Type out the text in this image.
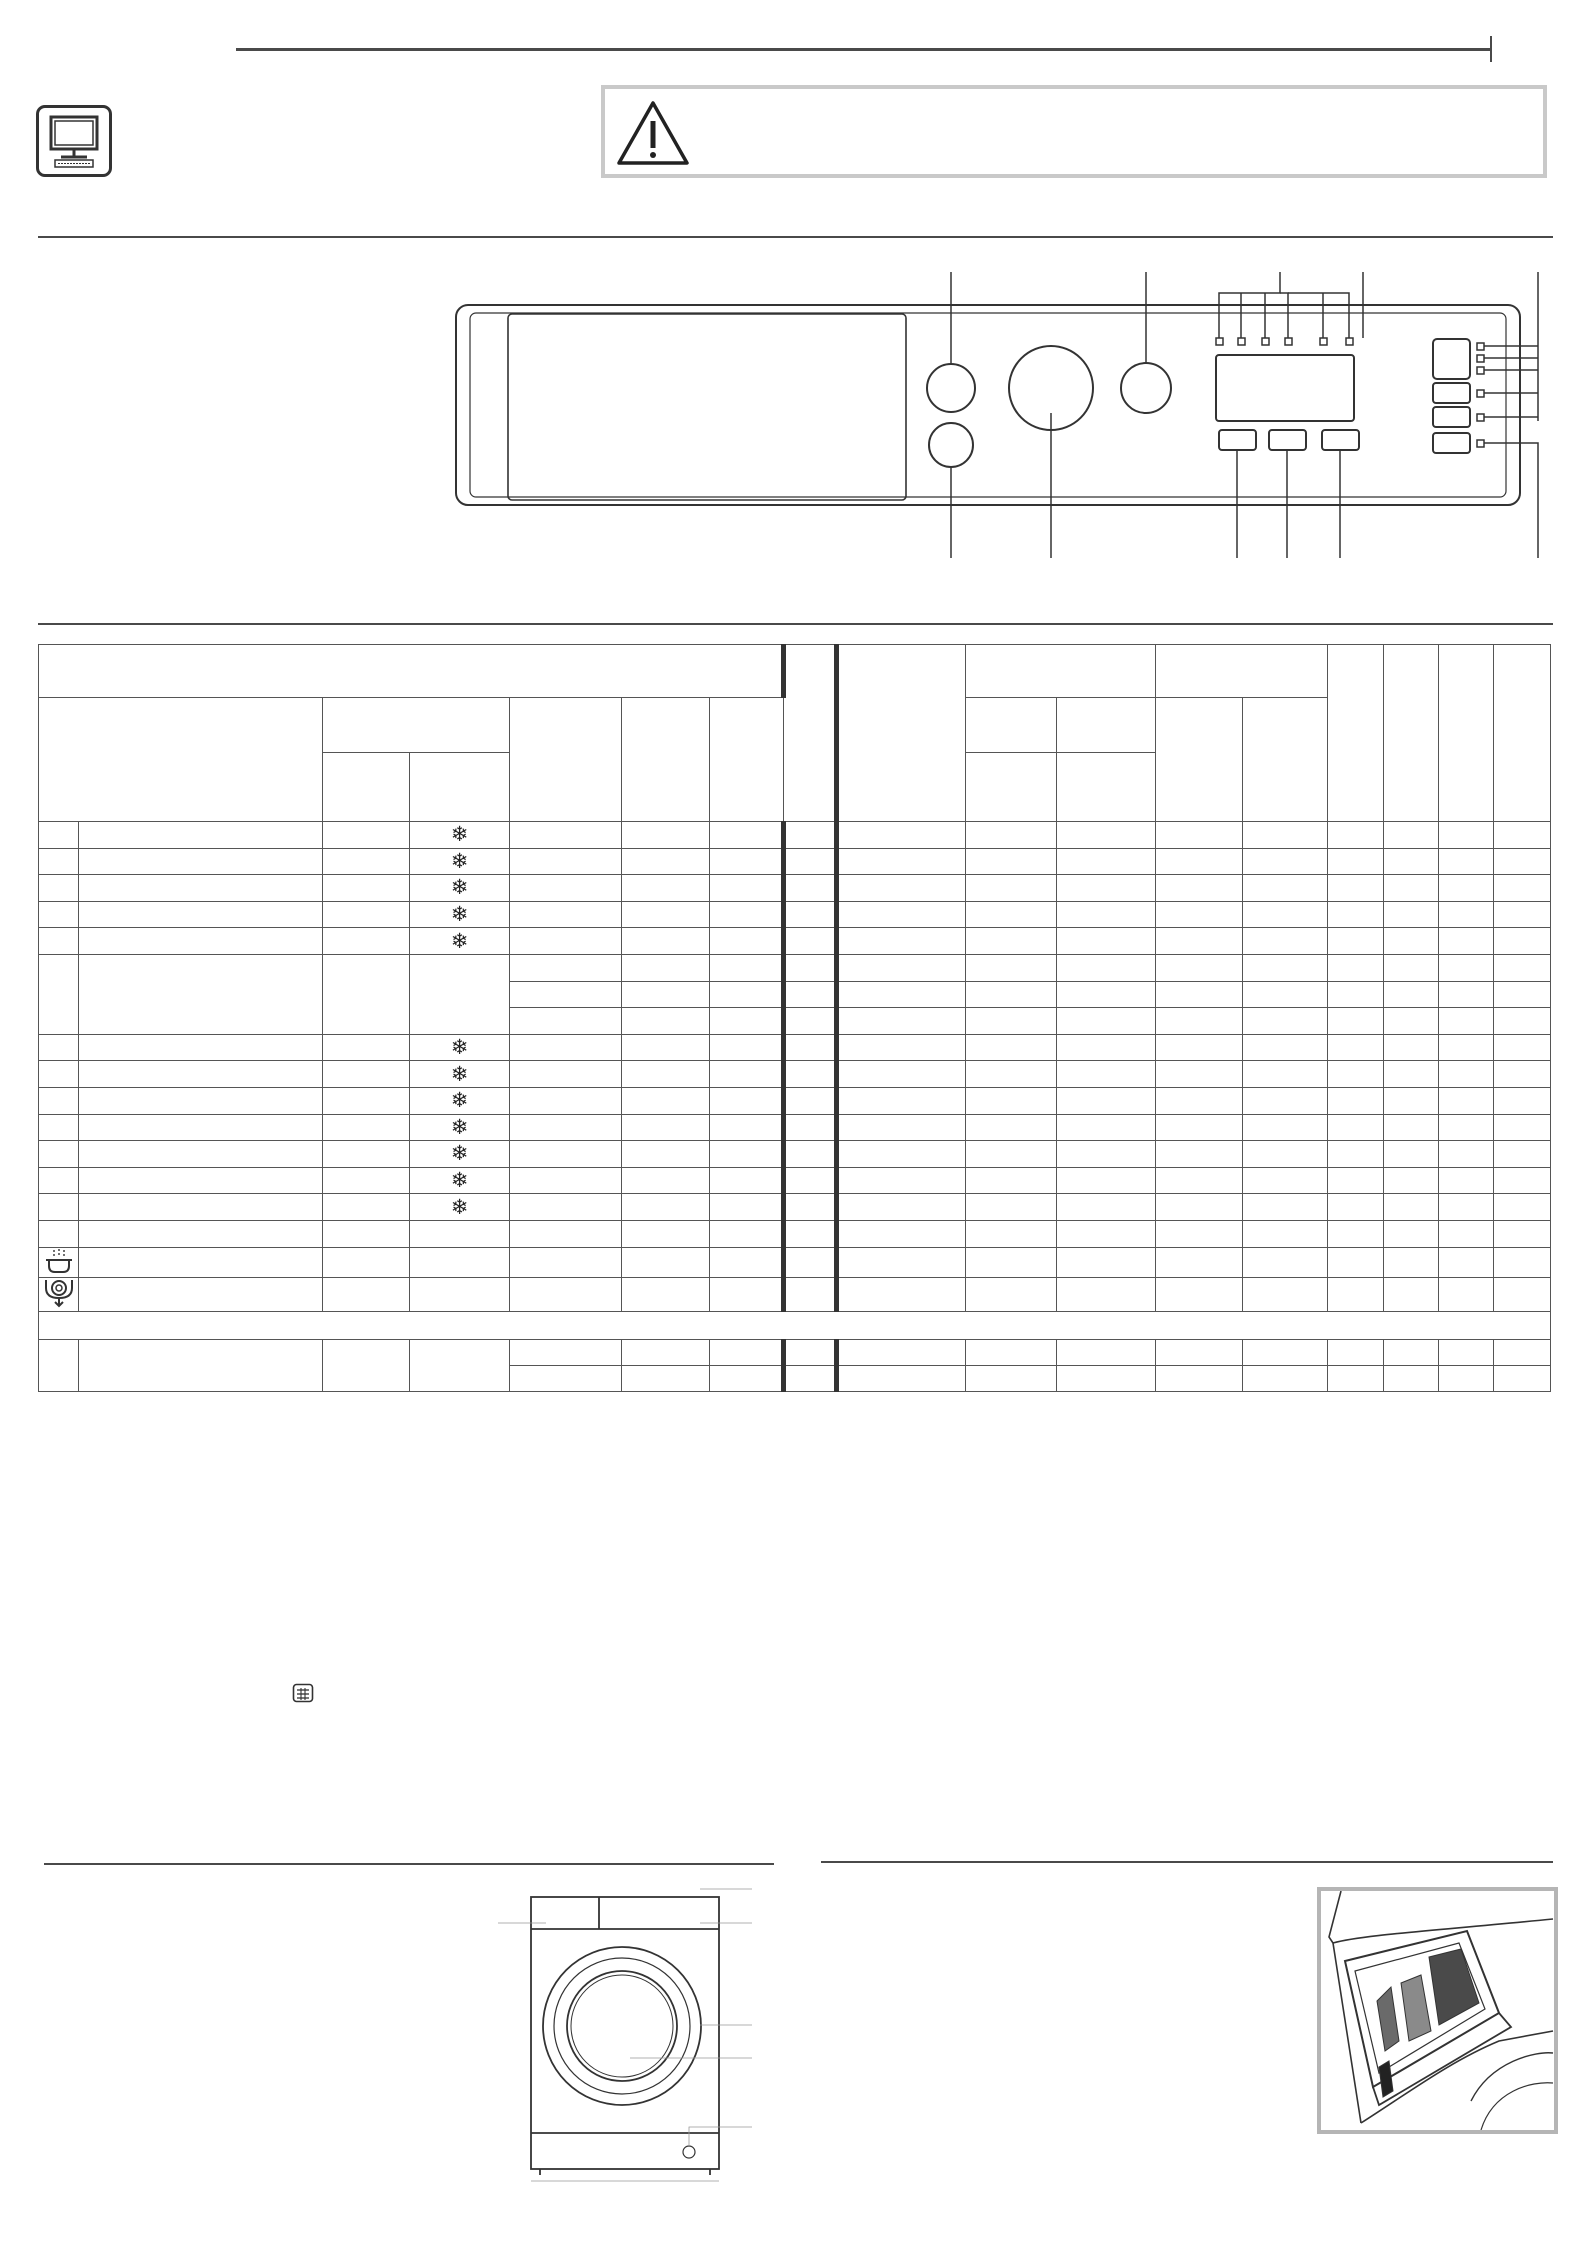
			❄													
			❄													
			❄													
			❄													
			❄													

			❄													
			❄													
			❄													
			❄													
			❄													
			❄													
			❄													
